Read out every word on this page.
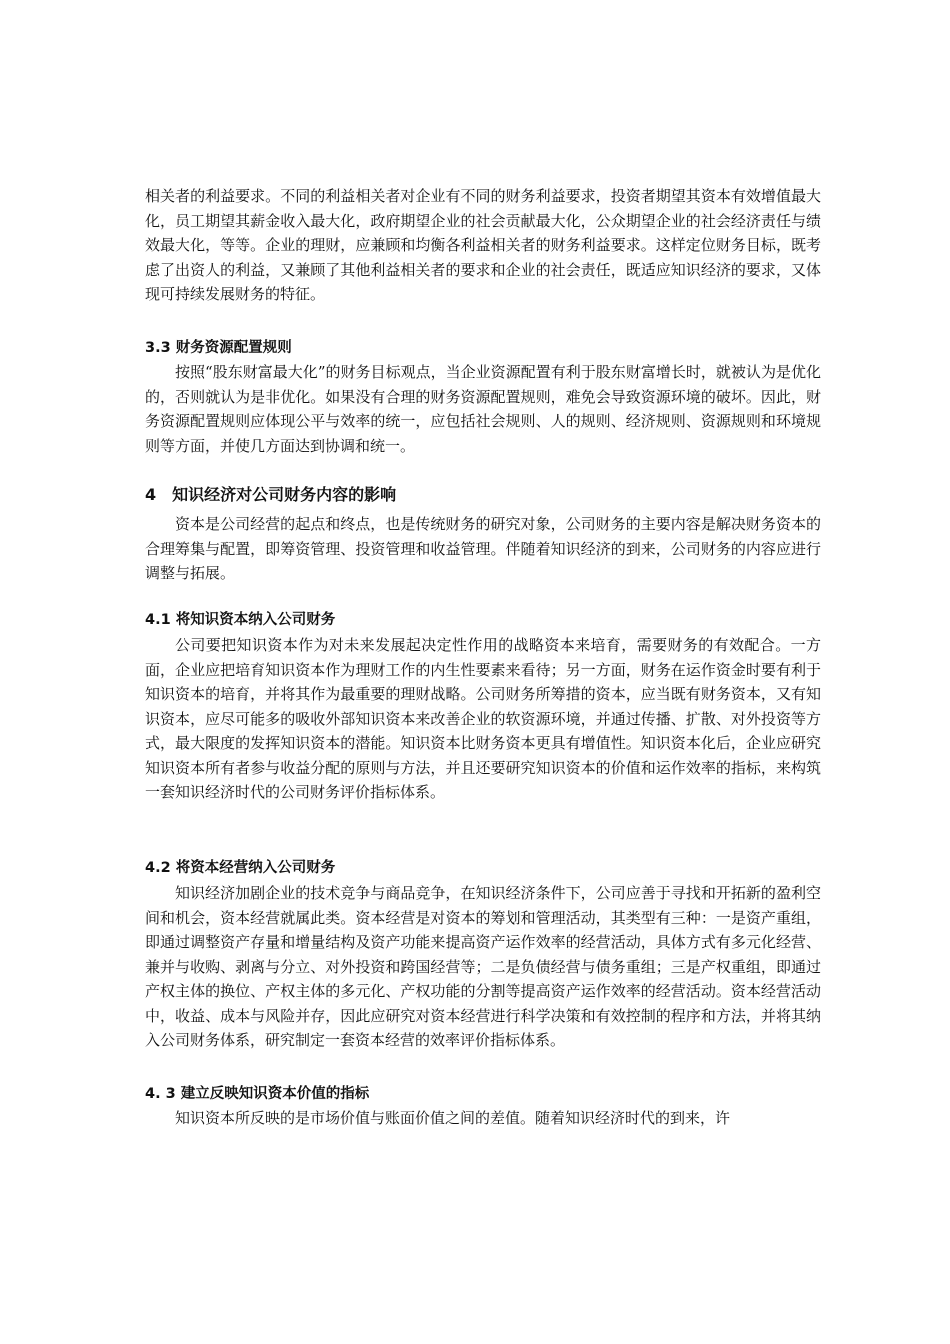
相关者的利益要求。不同的利益相关者对企业有不同的财务利益要求，投资者期望其资本有效增值最大化，员工期望其薪金收入最大化，政府期望企业的社会贡献最大化，公众期望企业的社会经济责任与绩效最大化，等等。企业的理财，应兼顾和均衡各利益相关者的财务利益要求。这样定位财务目标，既考虑了出资人的利益，又兼顾了其他利益相关者的要求和企业的社会责任，既适应知识经济的要求，又体现可持续发展财务的特征。

3.3 财务资源配置规则

按照“股东财富最大化”的财务目标观点，当企业资源配置有利于股东财富增长时，就被认为是优化的，否则就认为是非优化。如果没有合理的财务资源配置规则，难免会导致资源环境的破坏。因此，财务资源配置规则应体现公平与效率的统一，应包括社会规则、人的规则、经济规则、资源规则和环境规则等方面，并使几方面达到协调和统一。

4　知识经济对公司财务内容的影响

资本是公司经营的起点和终点，也是传统财务的研究对象，公司财务的主要内容是解决财务资本的合理筹集与配置，即筹资管理、投资管理和收益管理。伴随着知识经济的到来，公司财务的内容应进行调整与拓展。

4.1 将知识资本纳入公司财务

公司要把知识资本作为对未来发展起决定性作用的战略资本来培育，需要财务的有效配合。一方面，企业应把培育知识资本作为理财工作的内生性要素来看待；另一方面，财务在运作资金时要有利于知识资本的培育，并将其作为最重要的理财战略。公司财务所筹措的资本，应当既有财务资本，又有知识资本，应尽可能多的吸收外部知识资本来改善企业的软资源环境，并通过传播、扩散、对外投资等方式，最大限度的发挥知识资本的潜能。知识资本比财务资本更具有增值性。知识资本化后，企业应研究知识资本所有者参与收益分配的原则与方法，并且还要研究知识资本的价值和运作效率的指标，来构筑一套知识经济时代的公司财务评价指标体系。

4.2 将资本经营纳入公司财务

知识经济加剧企业的技术竞争与商品竞争，在知识经济条件下，公司应善于寻找和开拓新的盈利空间和机会，资本经营就属此类。资本经营是对资本的筹划和管理活动，其类型有三种：一是资产重组，即通过调整资产存量和增量结构及资产功能来提高资产运作效率的经营活动，具体方式有多元化经营、兼并与收购、剥离与分立、对外投资和跨国经营等；二是负债经营与债务重组；三是产权重组，即通过产权主体的换位、产权主体的多元化、产权功能的分割等提高资产运作效率的经营活动。资本经营活动中，收益、成本与风险并存，因此应研究对资本经营进行科学决策和有效控制的程序和方法，并将其纳入公司财务体系，研究制定一套资本经营的效率评价指标体系。

4. 3 建立反映知识资本价值的指标

知识资本所反映的是市场价值与账面价值之间的差值。随着知识经济时代的到来，许
